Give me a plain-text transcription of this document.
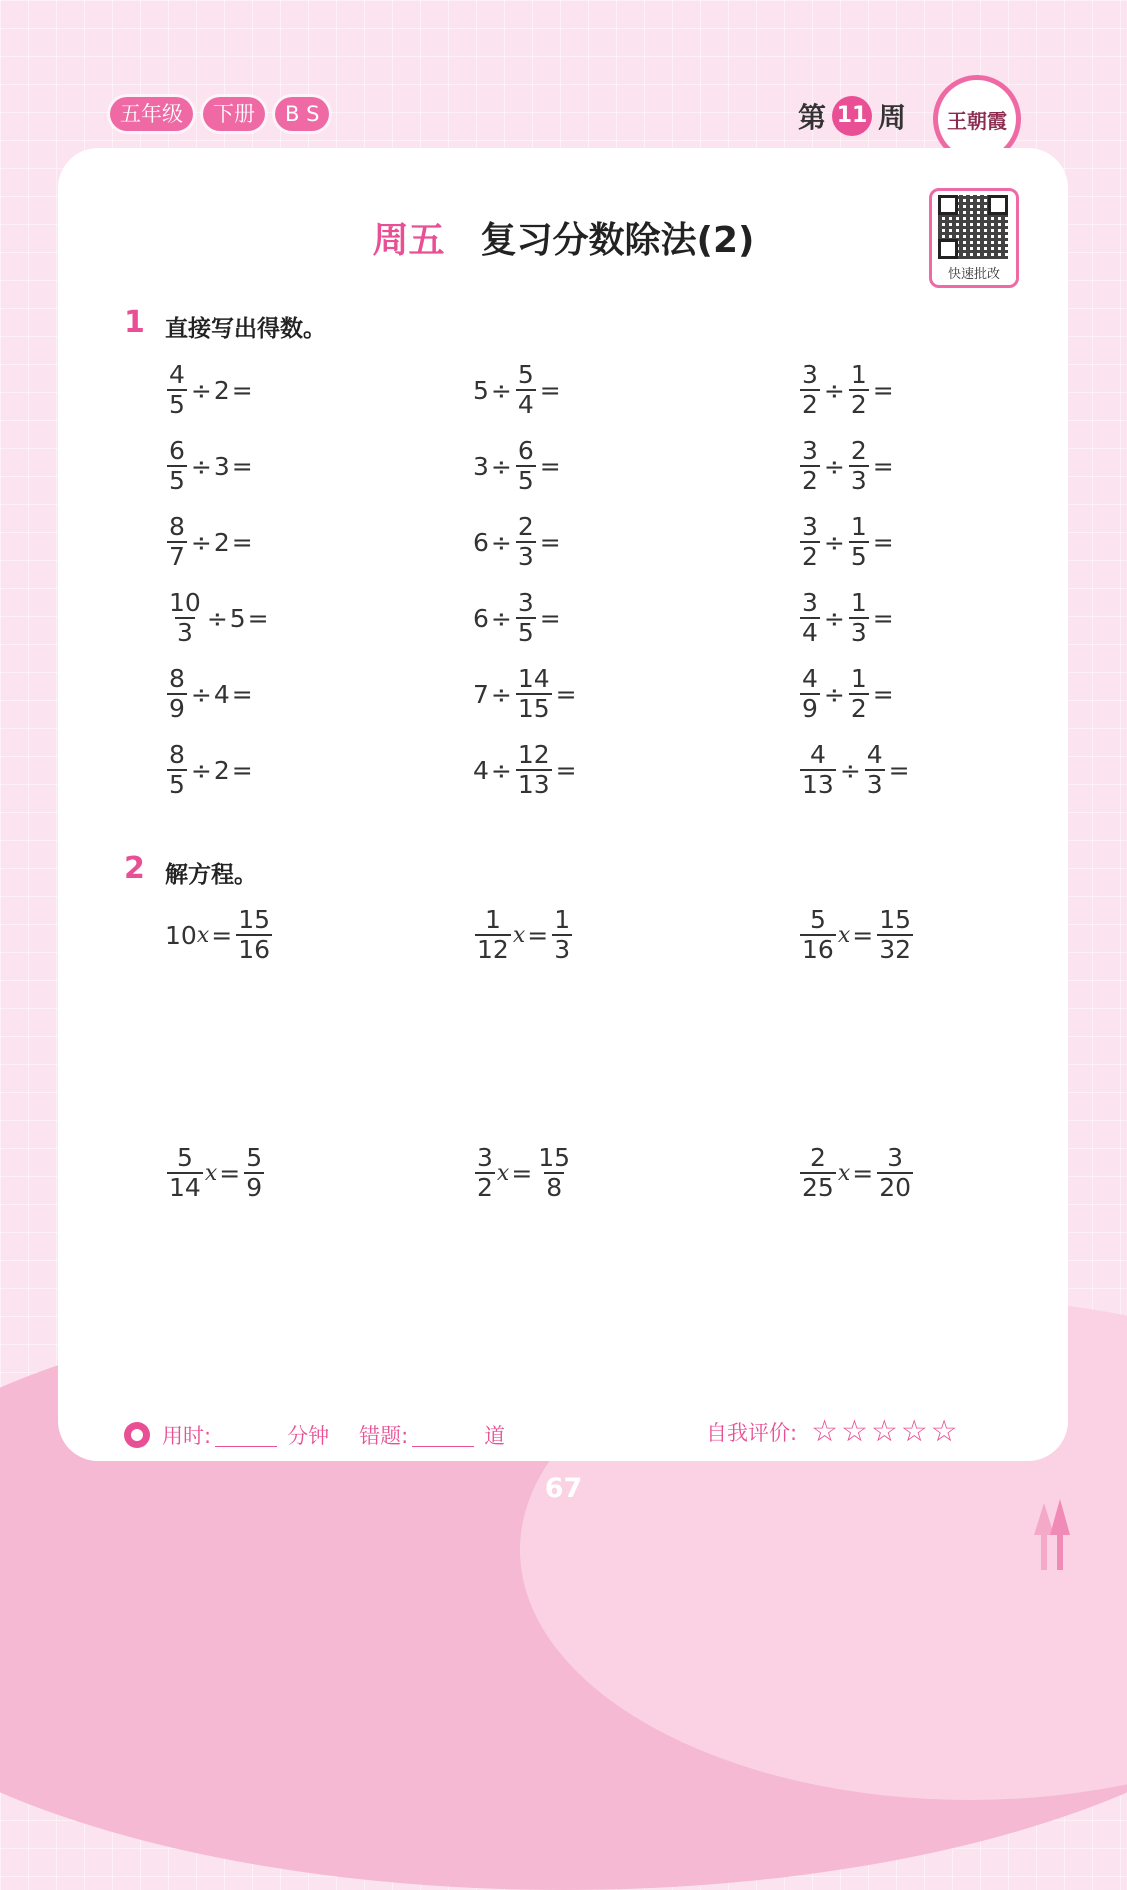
五年级	下册	B S	第 11 周 王朝霞
快速批改
周五 复习分数除法(2)
1 直接写出得数。
$\frac{4}{5} \div 2$ =	$5 \div \frac{5}{4}$ =	$\frac{3}{2} \div \frac{1}{2}$ =
$\frac{6}{5} \div 3$ =	$3 \div \frac{6}{5}$ =	$\frac{3}{2} \div \frac{2}{3}$ =
$\frac{8}{7} \div 2$ =	$6 \div \frac{2}{3}$ =	$\frac{3}{2} \div \frac{1}{5}$ =
$\frac{10}{3} \div 5$ =	$6 \div \frac{3}{5}$ =	$\frac{3}{4} \div \frac{1}{3}$ =
$\frac{8}{9} \div 4$ =	$7 \div \frac{14}{15}$ =	$\frac{4}{9} \div \frac{1}{2}$ =
$\frac{8}{5} \div 2$ =	$4 \div \frac{12}{13}$ =	$\frac{4}{13} \div \frac{4}{3}$ =
2 解方程。
10 $x = \frac{15}{16}$	$\frac{1}{12}$ $x = \frac{1}{3}$	$\frac{5}{16}$ $x = \frac{15}{32}$
$\frac{5}{14}$ $x = \frac{5}{9}$	$\frac{3}{2}$ $x = \frac{15}{8}$	$\frac{2}{25}$ $x = \frac{3}{20}$
用时:	分钟 错题:	道	自我评价: ☆☆☆☆☆
67
